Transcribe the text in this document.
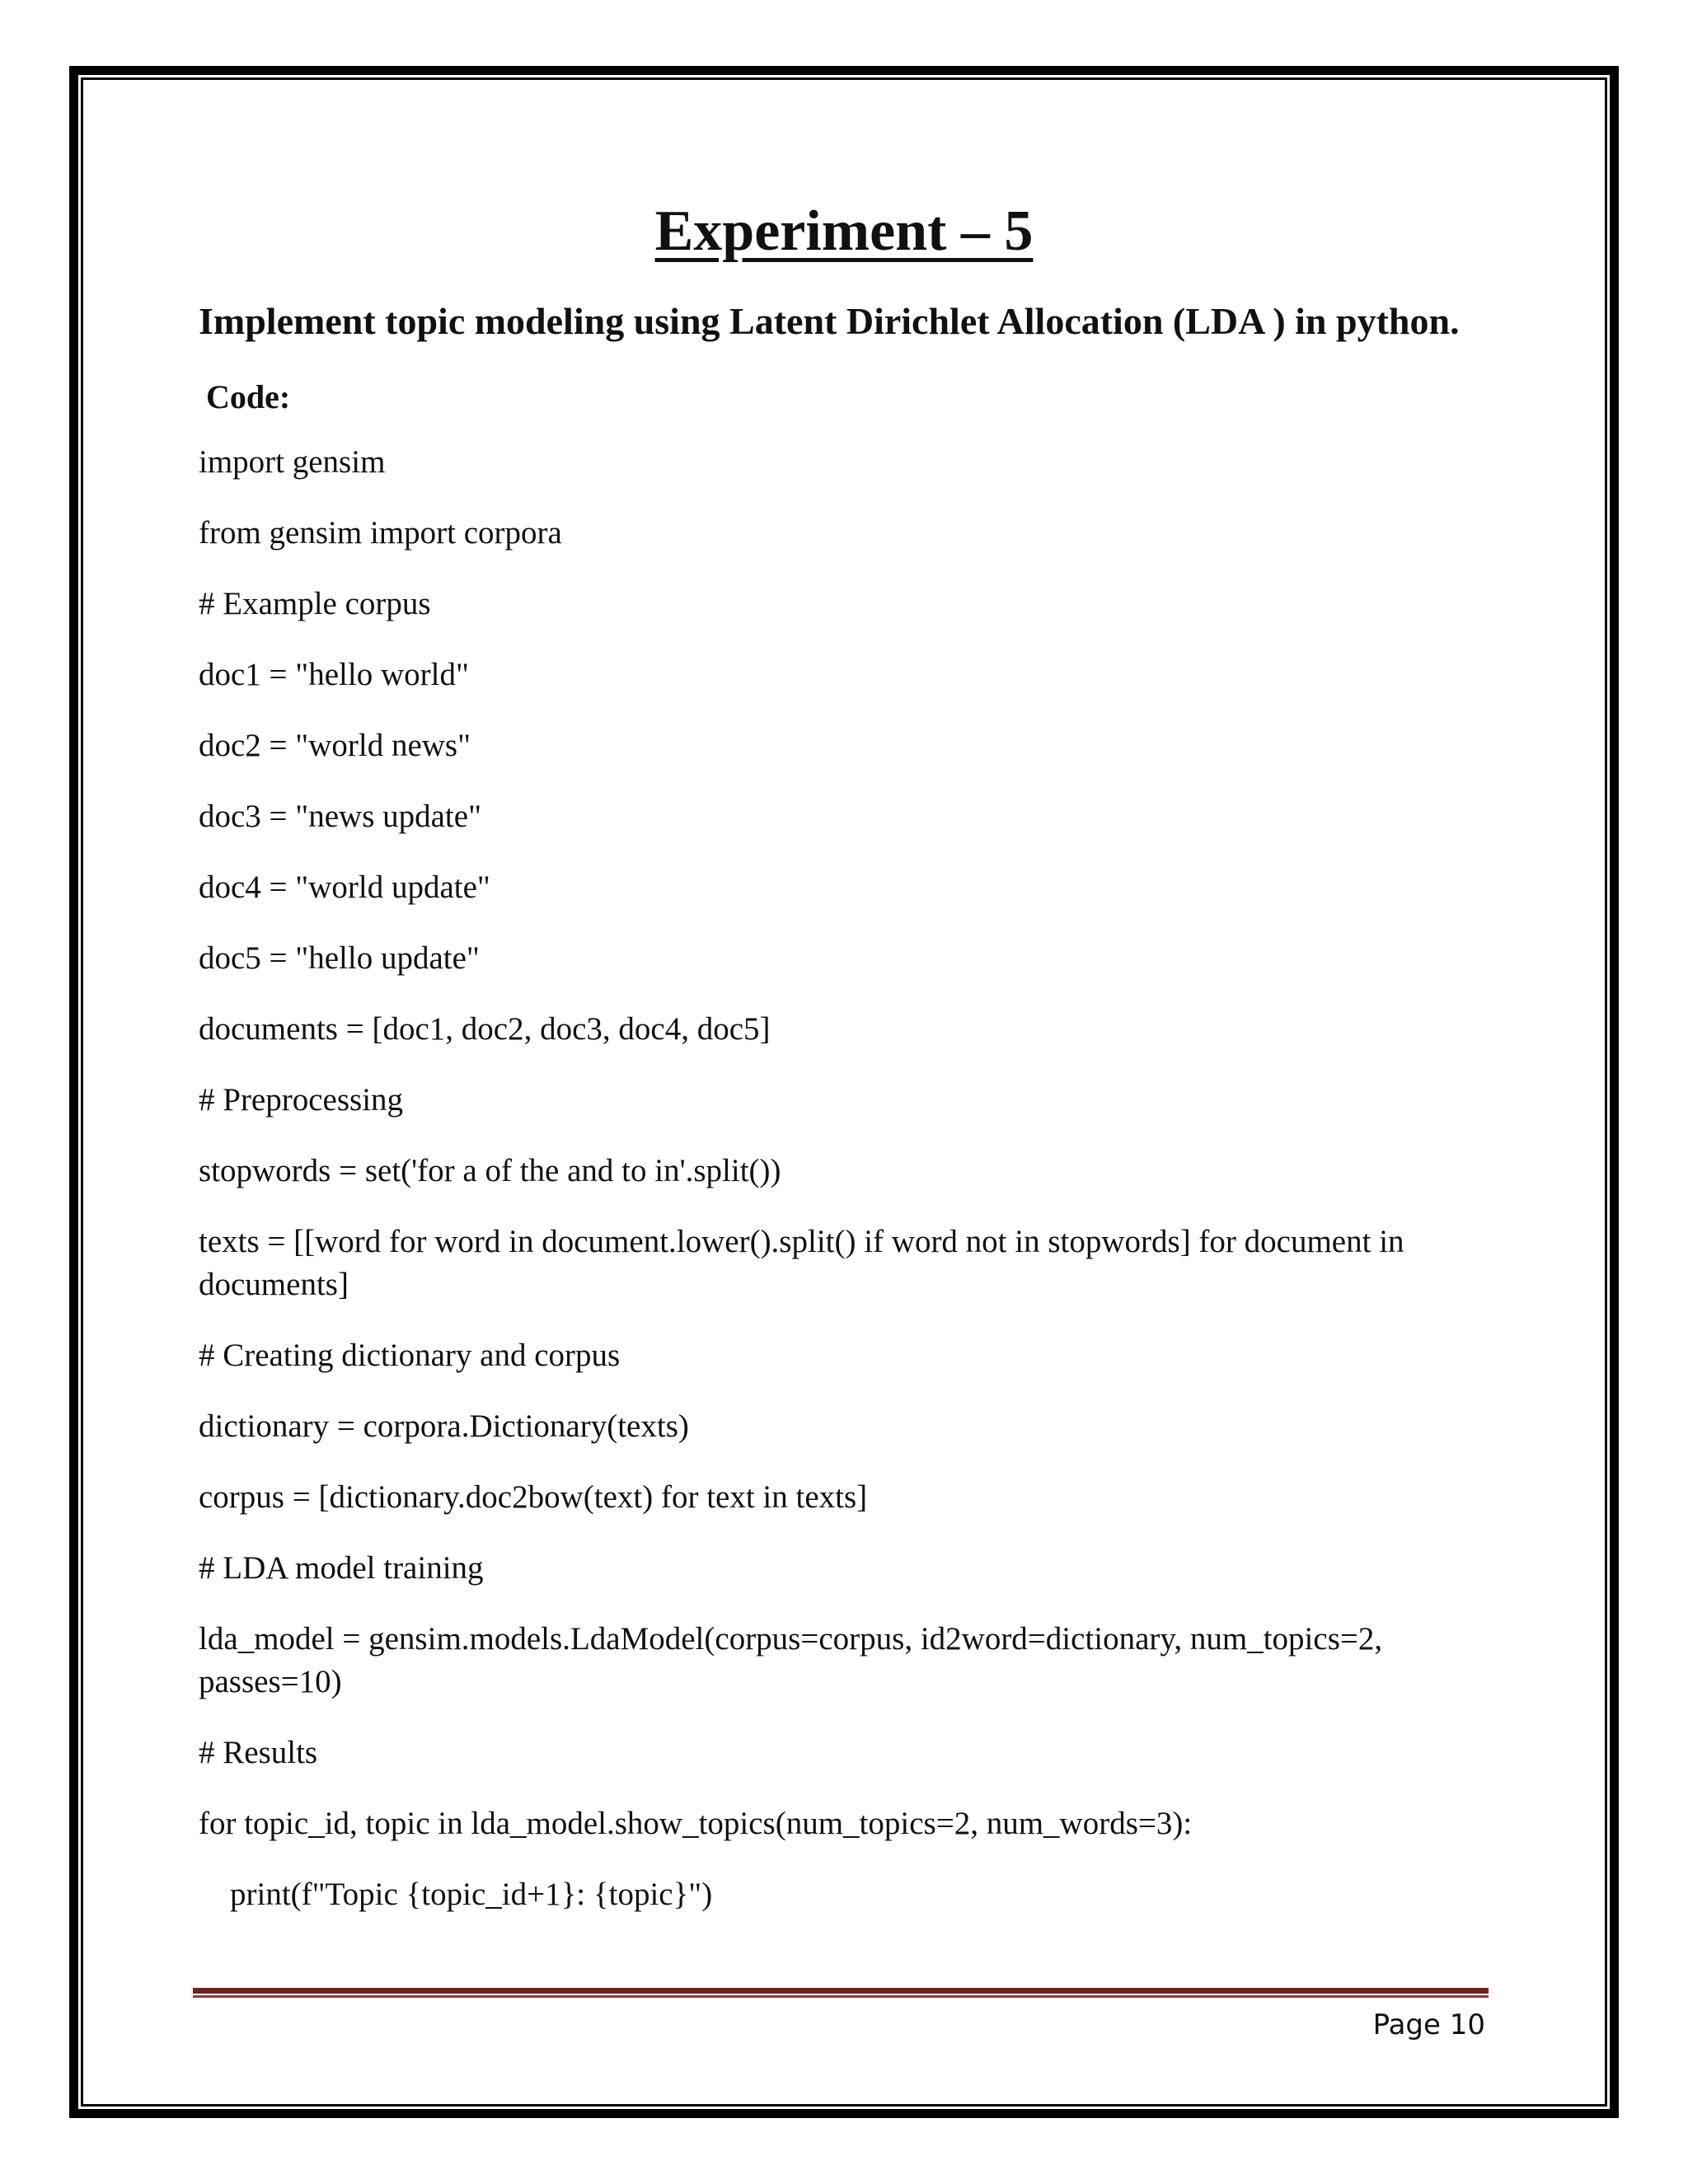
Experiment – 5

Implement topic modeling using Latent Dirichlet Allocation (LDA ) in python.

Code:

import gensim

from gensim import corpora

# Example corpus

doc1 = "hello world"

doc2 = "world news"

doc3 = "news update"

doc4 = "world update"

doc5 = "hello update"

documents = [doc1, doc2, doc3, doc4, doc5]

# Preprocessing

stopwords = set('for a of the and to in'.split())

texts = [[word for word in document.lower().split() if word not in stopwords] for document in documents]

# Creating dictionary and corpus

dictionary = corpora.Dictionary(texts)

corpus = [dictionary.doc2bow(text) for text in texts]

# LDA model training

lda_model = gensim.models.LdaModel(corpus=corpus, id2word=dictionary, num_topics=2, passes=10)

# Results

for topic_id, topic in lda_model.show_topics(num_topics=2, num_words=3):

print(f"Topic {topic_id+1}: {topic}")

Page 10
